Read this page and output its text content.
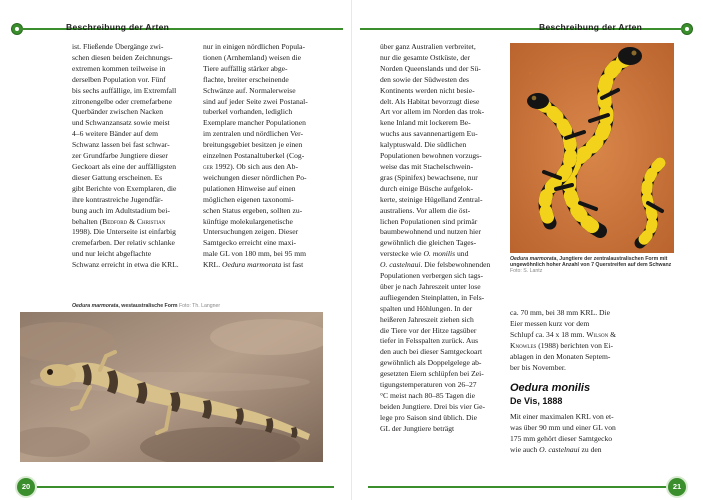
Beschreibung der Arten

ist. Fließende Übergänge zwi-

schen diesen beiden Zeichnungs-

extremen kommen teilweise in

derselben Population vor. Fünf

bis sechs auffällige, im Extremfall

zitronengelbe oder cremefarbene

Querbänder zwischen Nacken

und Schwanzansatz sowie meist

4–6 weitere Bänder auf dem

Schwanz lassen bei fast schwar-

zer Grundfarbe Jungtiere dieser

Geckoart als eine der auffälligsten

dieser Gattung erscheinen. Es

gibt Berichte von Exemplaren, die

ihre kontrastreiche Jugendfär-

bung auch im Adultstadium bei-

behalten (Bedford & Christian

1998). Die Unterseite ist einfarbig

cremefarben. Der relativ schlanke

und nur leicht abgeflachte

Schwanz erreicht in etwa die KRL.

nur in einigen nördlichen Popula-

tionen (Arnhemland) weisen die

Tiere auffällig stärker abge-

flachte, breiter erscheinende

Schwänze auf. Normalerweise

sind auf jeder Seite zwei Postanal-

tuberkel vorhanden, lediglich

Exemplare mancher Populationen

im zentralen und nördlichen Ver-

breitungsgebiet besitzen je einen

einzelnen Postanaltuberkel (Cog-

ger 1992). Ob sich aus den Ab-

weichungen dieser nördlichen Po-

pulationen Hinweise auf einen

möglichen eigenen taxonomi-

schen Status ergeben, sollten zu-

künftige molekulargenetische

Untersuchungen zeigen. Dieser

Samtgecko erreicht eine maxi-

male GL von 180 mm, bei 95 mm

KRL. Oedura marmorata ist fast

Oedura marmorata, westaustralische Form Foto: Th. Langner
20
Beschreibung der Arten

über ganz Australien verbreitet,

nur die gesamte Ostküste, der

Norden Queenslands und der Sü-

den sowie der Südwesten des

Kontinents werden nicht besie-

delt. Als Habitat bevorzugt diese

Art vor allem im Norden das trok-

kene Inland mit lockerem Be-

wuchs aus savannenartigem Eu-

kalyptuswald. Die südlichen

Populationen bewohnen vorzugs-

weise das mit Stachelschwein-

gras (Spinifex) bewachsene, nur

durch einige Büsche aufgelok-

kerte, steinige Hügelland Zentral-

australiens. Vor allem die öst-

lichen Populationen sind primär

baumbewohnend und nutzen hier

gewöhnlich die gleichen Tages-

verstecke wie O. monilis und

O. castelnaui. Die felsbewohnenden

Populationen verbergen sich tags-

über je nach Jahreszeit unter lose

aufliegenden Steinplatten, in Fels-

spalten und Höhlungen. In der

heißeren Jahreszeit ziehen sich

die Tiere vor der Hitze tagsüber

tiefer in Felsspalten zurück. Aus

den auch bei dieser Samtgeckoart

gewöhnlich als Doppelgelege ab-

gesetzten Eiern schlüpfen bei Zei-

tigungstemperaturen von 26–27

°C meist nach 80–85 Tagen die

beiden Jungtiere. Drei bis vier Ge-

lege pro Saison sind üblich. Die

GL der Jungtiere beträgt

Oedura marmorata, Jungtiere der zentralaustralischen Form mit ungewöhnlich hoher Anzahl von 7 Querstreifen auf dem Schwanz
Foto: S. Lantz

ca. 70 mm, bei 38 mm KRL. Die

Eier messen kurz vor dem

Schlupf ca. 34 x 18 mm. Wilson &

Knowles (1988) berichten von Ei-

ablagen in den Monaten Septem-

ber bis November.

Oedura monilis
De Vis, 1888

Mit einer maximalen KRL von et-

was über 90 mm und einer GL von

175 mm gehört dieser Samtgecko

wie auch O. castelnaui zu den

21
